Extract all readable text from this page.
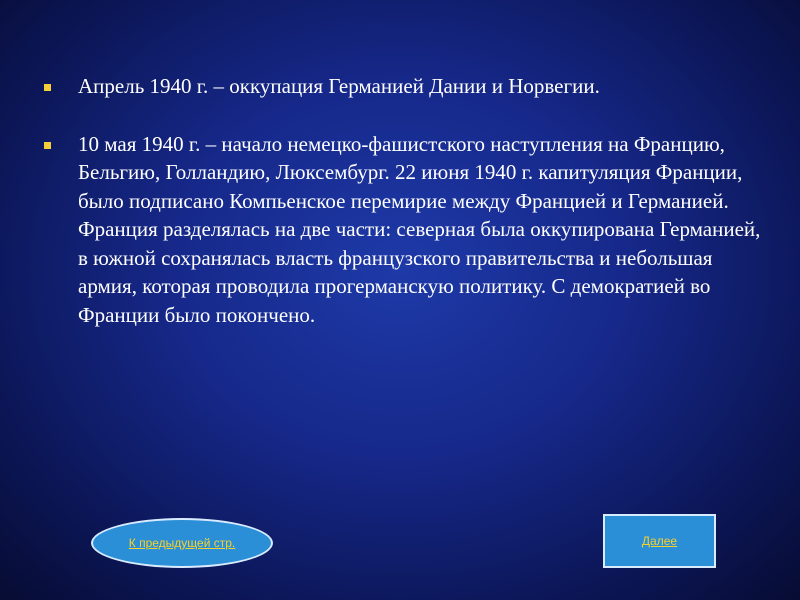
Апрель 1940 г. – оккупация Германией Дании и Норвегии.
10 мая 1940 г. – начало немецко-фашистского наступления на Францию, Бельгию, Голландию, Люксембург. 22 июня 1940 г. капитуляция Франции, было подписано Компьенское перемирие между Францией и Германией. Франция разделялась на две части: северная была оккупирована Германией, в южной сохранялась власть французского правительства и небольшая армия, которая проводила прогерманскую политику. С демократией во Франции было покончено.
К предыдущей стр.	Далее
